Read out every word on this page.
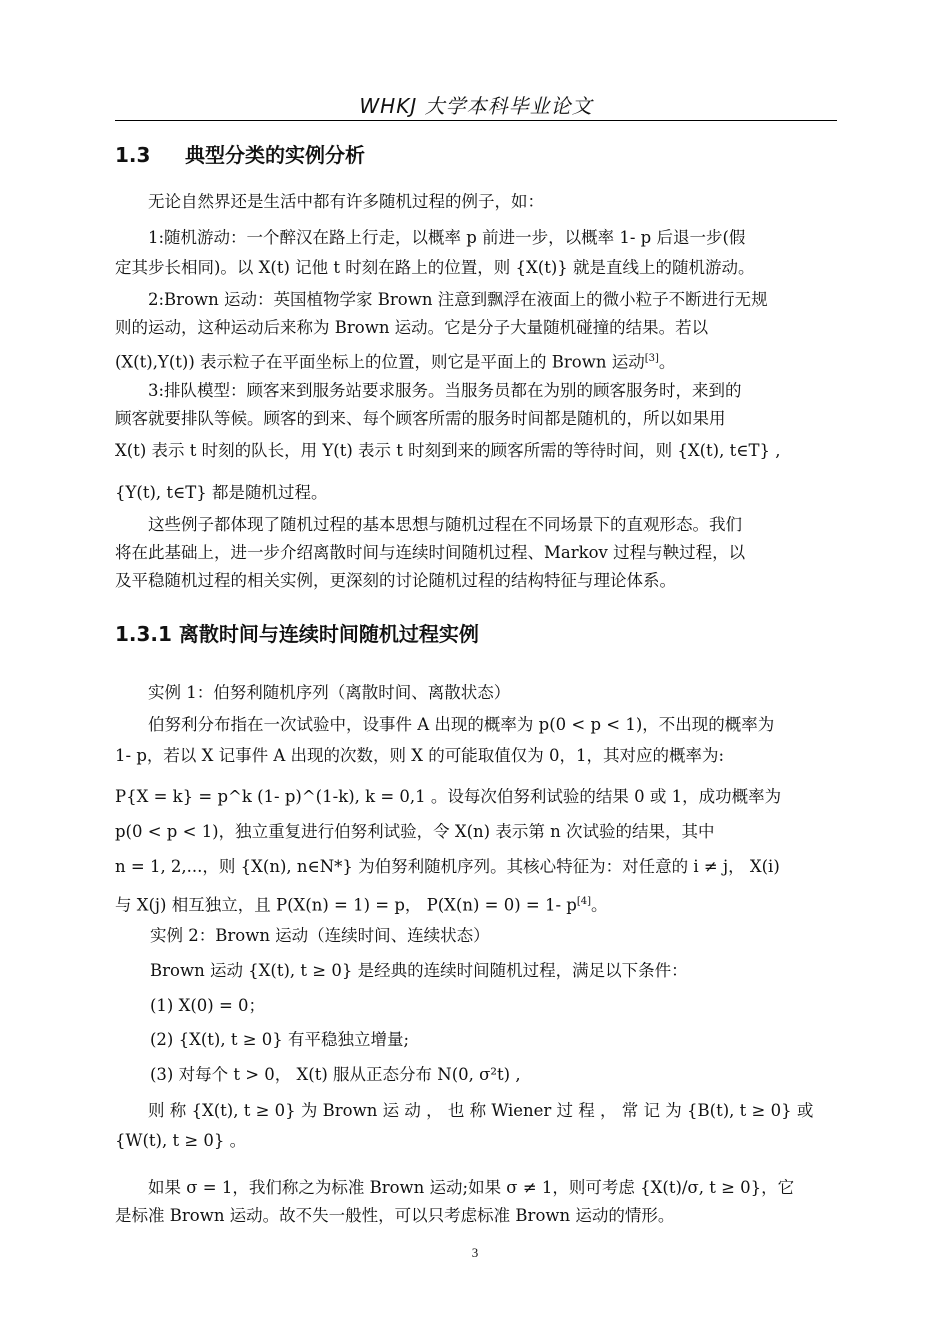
WHKJ 大学本科毕业论文
1.3 典型分类的实例分析
无论自然界还是生活中都有许多随机过程的例子，如：
1:随机游动：一个醉汉在路上行走，以概率 p 前进一步，以概率 1- p 后退一步(假
定其步长相同)。以 X(t) 记他 t 时刻在路上的位置，则 {X(t)} 就是直线上的随机游动。
2:Brown 运动：英国植物学家 Brown 注意到飘浮在液面上的微小粒子不断进行无规
则的运动，这种运动后来称为 Brown 运动。它是分子大量随机碰撞的结果。若以
(X(t),Y(t)) 表示粒子在平面坐标上的位置，则它是平面上的 Brown 运动[3]。
3:排队模型：顾客来到服务站要求服务。当服务员都在为别的顾客服务时，来到的
顾客就要排队等候。顾客的到来、每个顾客所需的服务时间都是随机的，所以如果用
X(t) 表示 t 时刻的队长，用 Y(t) 表示 t 时刻到来的顾客所需的等待时间，则 {X(t), t∈T} ,
{Y(t), t∈T} 都是随机过程。
这些例子都体现了随机过程的基本思想与随机过程在不同场景下的直观形态。我们
将在此基础上，进一步介绍离散时间与连续时间随机过程、Markov 过程与鞅过程，以
及平稳随机过程的相关实例，更深刻的讨论随机过程的结构特征与理论体系。
1.3.1 离散时间与连续时间随机过程实例
实例 1：伯努利随机序列（离散时间、离散状态）
伯努利分布指在一次试验中，设事件 A 出现的概率为 p(0 < p < 1)，不出现的概率为
1- p，若以 X 记事件 A 出现的次数，则 X 的可能取值仅为 0，1，其对应的概率为:
P{X = k} = p^k (1- p)^(1-k), k = 0,1 。设每次伯努利试验的结果 0 或 1，成功概率为
p(0 < p < 1)，独立重复进行伯努利试验，令 X(n) 表示第 n 次试验的结果，其中
n = 1, 2,...，则 {X(n), n∈N*} 为伯努利随机序列。其核心特征为：对任意的 i ≠ j， X(i)
与 X(j) 相互独立，且 P(X(n) = 1) = p， P(X(n) = 0) = 1- p[4]。
实例 2：Brown 运动（连续时间、连续状态）
Brown 运动 {X(t), t ≥ 0} 是经典的连续时间随机过程，满足以下条件：
(1) X(0) = 0；
(2) {X(t), t ≥ 0} 有平稳独立增量;
(3) 对每个 t > 0， X(t) 服从正态分布 N(0, σ²t) ,
则 称 {X(t), t ≥ 0} 为 Brown 运 动 ， 也 称 Wiener 过 程 ， 常 记 为 {B(t), t ≥ 0} 或
{W(t), t ≥ 0} 。
如果 σ = 1，我们称之为标准 Brown 运动;如果 σ ≠ 1，则可考虑 {X(t)/σ, t ≥ 0}，它
是标准 Brown 运动。故不失一般性，可以只考虑标准 Brown 运动的情形。
3
